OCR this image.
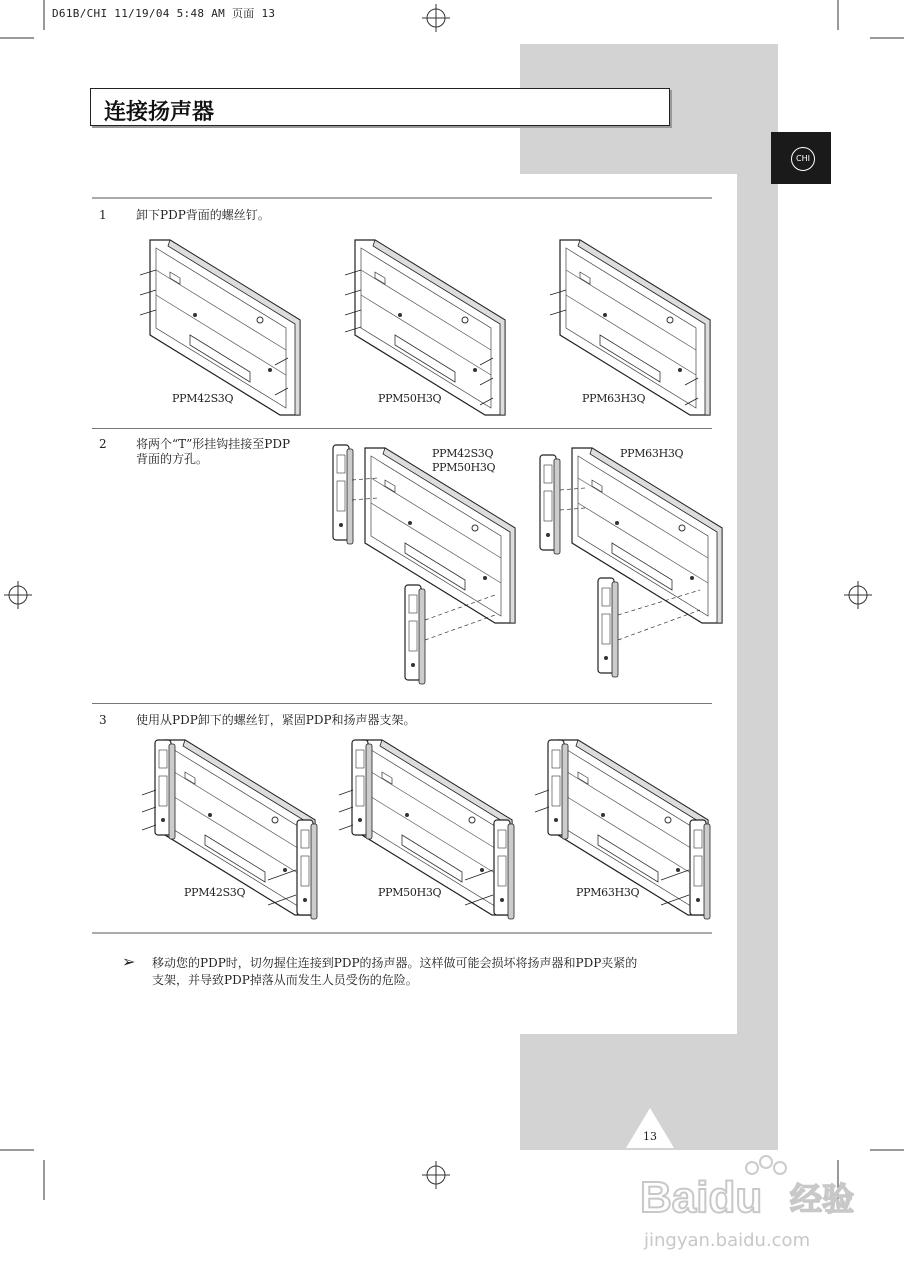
D61B/CHI 11/19/04 5:48 AM 页面 13
连接扬声器
CHI
1 卸下PDP背面的螺丝钉。
PPM42S3Q	PPM50H3Q	PPM63H3Q
2 将两个“T”形挂钩挂接至PDP
背面的方孔。	PPM42S3Q
PPM50H3Q
PPM63H3Q
3 使用从PDP卸下的螺丝钉，紧固PDP和扬声器支架。
PPM42S3Q	PPM50H3Q	PPM63H3Q
➢ 移动您的PDP时，切勿握住连接到PDP的扬声器。这样做可能会损坏将扬声器和PDP夹紧的
支架，并导致PDP掉落从而发生人员受伤的危险。
13
Baidu 经验
jingyan.baidu.com
